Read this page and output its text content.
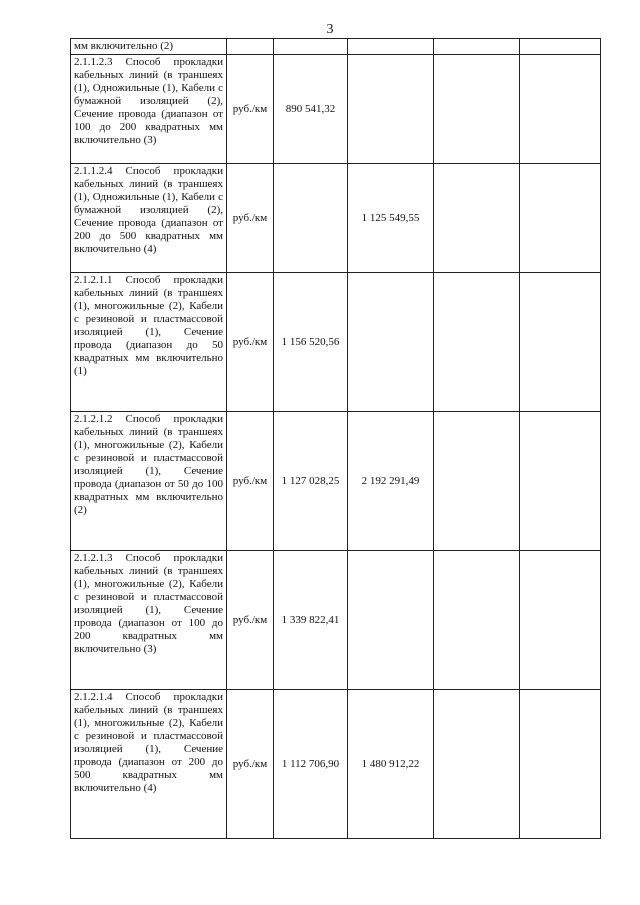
3
мм включительно (2)					
2.1.1.2.3 Способ прокладки кабельных линий (в траншеях (1), Одножильные (1), Кабели с бумажной изоляцией (2), Сечение провода (диапазон от 100 до 200 квадратных мм включительно (3)	руб./км	890 541,32			
2.1.1.2.4 Способ прокладки кабельных линий (в траншеях (1), Одножильные (1), Кабели с бумажной изоляцией (2), Сечение провода (диапазон от 200 до 500 квадратных мм включительно (4)	руб./км		1 125 549,55		
2.1.2.1.1 Способ прокладки кабельных линий (в траншеях (1), многожильные (2), Кабели с резиновой и пластмассовой изоляцией (1), Сечение провода (диапазон до 50 квадратных мм включительно (1)	руб./км	1 156 520,56			
2.1.2.1.2 Способ прокладки кабельных линий (в траншеях (1), многожильные (2), Кабели с резиновой и пластмассовой изоляцией (1), Сечение провода (диапазон от 50 до 100 квадратных мм включительно (2)	руб./км	1 127 028,25	2 192 291,49		
2.1.2.1.3 Способ прокладки кабельных линий (в траншеях (1), многожильные (2), Кабели с резиновой и пластмассовой изоляцией (1), Сечение провода (диапазон от 100 до 200 квадратных мм включительно (3)	руб./км	1 339 822,41			
2.1.2.1.4 Способ прокладки кабельных линий (в траншеях (1), многожильные (2), Кабели с резиновой и пластмассовой изоляцией (1), Сечение провода (диапазон от 200 до 500 квадратных мм включительно (4)	руб./км	1 112 706,90	1 480 912,22		
